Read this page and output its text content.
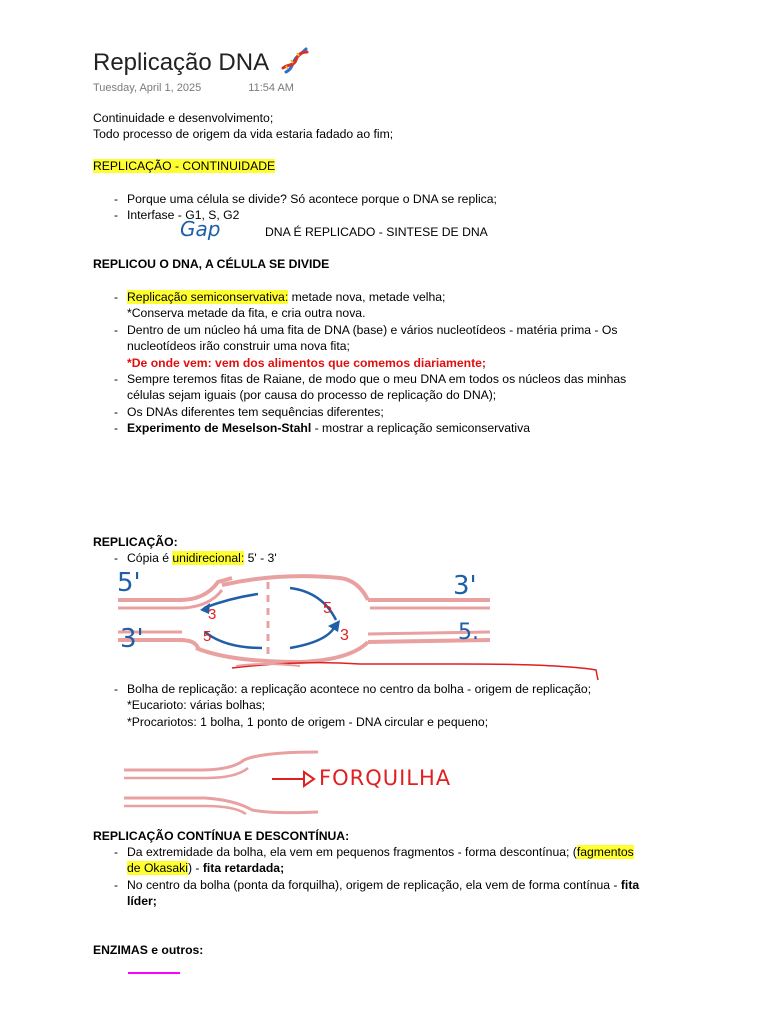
Replicação DNA
Tuesday, April 1, 2025	11:54 AM
Continuidade e desenvolvimento;
Todo processo de origem da vida estaria fadado ao fim;
REPLICAÇÃO - CONTINUIDADE
- Porque uma célula se divide? Só acontece porque o DNA se replica;
- Interfase - G1, S, G2
Gap	DNA É REPLICADO - SINTESE DE DNA
REPLICOU O DNA, A CÉLULA SE DIVIDE
- Replicação semiconservativa: metade nova, metade velha;
*Conserva metade da fita, e cria outra nova.
- Dentro de um núcleo há uma fita de DNA (base) e vários nucleotídeos - matéria prima - Os
nucleotídeos irão construir uma nova fita;
*De onde vem: vem dos alimentos que comemos diariamente;
- Sempre teremos fitas de Raiane, de modo que o meu DNA em todos os núcleos das minhas
células sejam iguais (por causa do processo de replicação do DNA);
- Os DNAs diferentes tem sequências diferentes;
- Experimento de Meselson-Stahl - mostrar a replicação semiconservativa
REPLICAÇÃO:
- Cópia é unidirecional: 5' - 3'
5'	3'
3'	5.
3
5
5
3
- Bolha de replicação: a replicação acontece no centro da bolha - origem de replicação;
*Eucarioto: várias bolhas;
*Procariotos: 1 bolha, 1 ponto de origem - DNA circular e pequeno;
FORQUILHA
REPLICAÇÃO CONTÍNUA E DESCONTÍNUA:
- Da extremidade da bolha, ela vem em pequenos fragmentos - forma descontínua; (fagmentos
de Okasaki) - fita retardada;
- No centro da bolha (ponta da forquilha), origem de replicação, ela vem de forma contínua - fita
líder;
ENZIMAS e outros:
